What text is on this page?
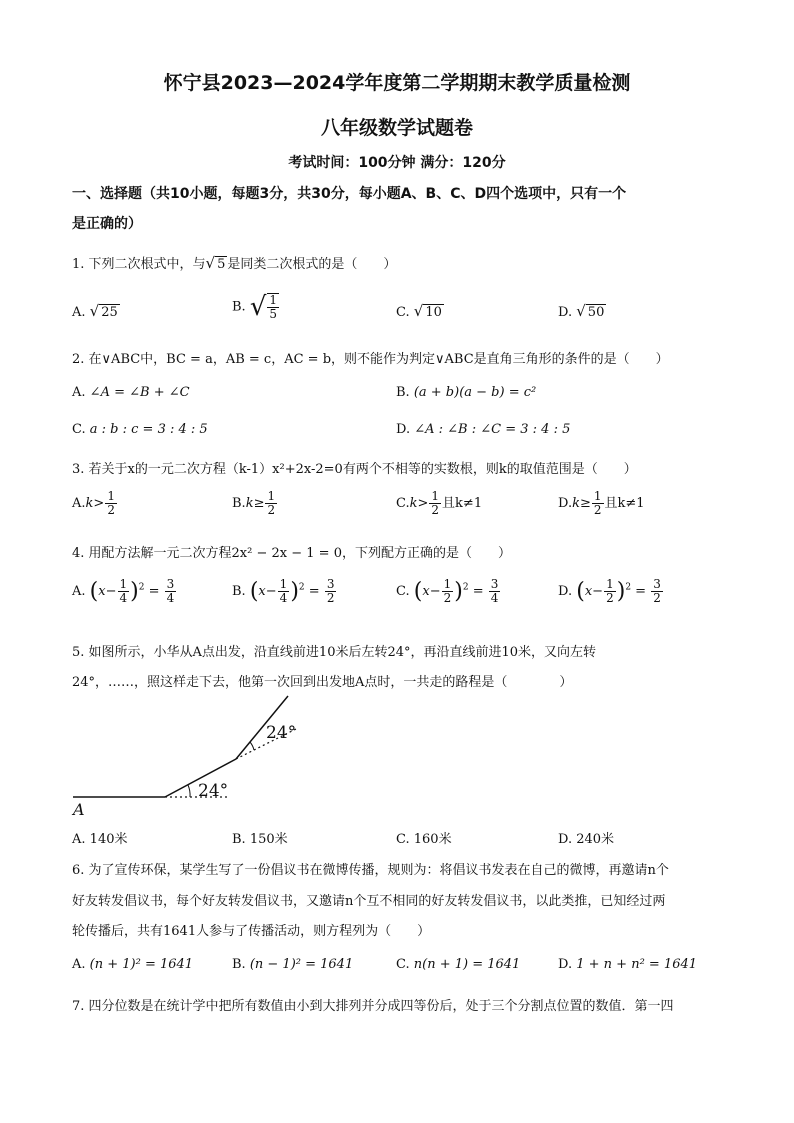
怀宁县2023—2024学年度第二学期期末教学质量检测
八年级数学试题卷
考试时间：100分钟 满分：120分
一、选择题（共10小题，每题3分，共30分，每小题A、B、C、D四个选项中，只有一个
是正确的）
1. 下列二次根式中，与√ 5 是同类二次根式的是（　　）
A. √ 25	B. √ $\frac{1}{5}$	C. √ 10	D. √ 50
2. 在∨ABC中，BC = a，AB = c，AC = b，则不能作为判定∨ABC是直角三角形的条件的是（　　）
A. ∠A = ∠B + ∠C	B. (a + b)(a − b) = c²
C. a : b : c = 3 : 4 : 5	D. ∠A : ∠B : ∠C = 3 : 4 : 5
3. 若关于x的一元二次方程（k-1）x²+2x-2=0有两个不相等的实数根，则k的取值范围是（　　）
$A.k> \frac{1}{2}$	$B.k\ge \frac{1}{2}$	$C.k> \frac{1}{2}$ 且k≠1	$D.k\ge \frac{1}{2}$ 且k≠1
4. 用配方法解一元二次方程2x² − 2x − 1 = 0，下列配方正确的是（　　）
A. $(x- \frac{1}{4} )^2 = \frac{3}{4}$	B. $(x- \frac{1}{4} )^2 = \frac{3}{2}$	C. $(x- \frac{1}{2} )^2 = \frac{3}{4}$	D. $(x- \frac{1}{2} )^2 = \frac{3}{2}$
5. 如图所示，小华从A点出发，沿直线前进10米后左转24°，再沿直线前进10米，又向左转
24°，……，照这样走下去，他第一次回到出发地A点时，一共走的路程是（　　　　）
24°
24°
A
A. 140米	B. 150米	C. 160米	D. 240米
6. 为了宣传环保，某学生写了一份倡议书在微博传播，规则为：将倡议书发表在自己的微博，再邀请n个
好友转发倡议书，每个好友转发倡议书，又邀请n个互不相同的好友转发倡议书，以此类推，已知经过两
轮传播后，共有1641人参与了传播活动，则方程列为（　　）
A. (n + 1)² = 1641	B. (n − 1)² = 1641	C. n(n + 1) = 1641	D. 1 + n + n² = 1641
7. 四分位数是在统计学中把所有数值由小到大排列并分成四等份后，处于三个分割点位置的数值．第一四
